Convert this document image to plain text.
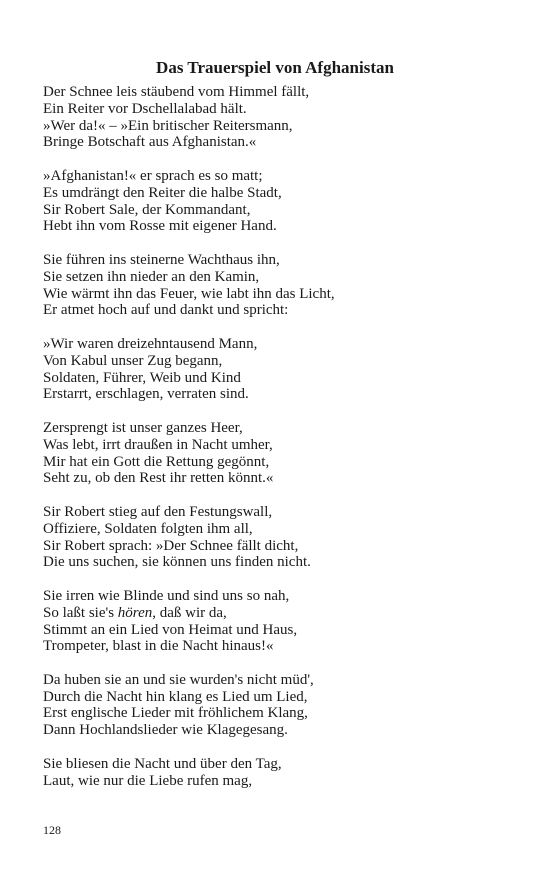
Das Trauerspiel von Afghanistan
Der Schnee leis stäubend vom Himmel fällt,
Ein Reiter vor Dschellalabad hält.
»Wer da!« – »Ein britischer Reitersmann,
Bringe Botschaft aus Afghanistan.«
»Afghanistan!« er sprach es so matt;
Es umdrängt den Reiter die halbe Stadt,
Sir Robert Sale, der Kommandant,
Hebt ihn vom Rosse mit eigener Hand.
Sie führen ins steinerne Wachthaus ihn,
Sie setzen ihn nieder an den Kamin,
Wie wärmt ihn das Feuer, wie labt ihn das Licht,
Er atmet hoch auf und dankt und spricht:
»Wir waren dreizehntausend Mann,
Von Kabul unser Zug begann,
Soldaten, Führer, Weib und Kind
Erstarrt, erschlagen, verraten sind.
Zersprengt ist unser ganzes Heer,
Was lebt, irrt draußen in Nacht umher,
Mir hat ein Gott die Rettung gegönnt,
Seht zu, ob den Rest ihr retten könnt.«
Sir Robert stieg auf den Festungswall,
Offiziere, Soldaten folgten ihm all,
Sir Robert sprach: »Der Schnee fällt dicht,
Die uns suchen, sie können uns finden nicht.
Sie irren wie Blinde und sind uns so nah,
So laßt sie's hören, daß wir da,
Stimmt an ein Lied von Heimat und Haus,
Trompeter, blast in die Nacht hinaus!«
Da huben sie an und sie wurden's nicht müd',
Durch die Nacht hin klang es Lied um Lied,
Erst englische Lieder mit fröhlichem Klang,
Dann Hochlandslieder wie Klagegesang.
Sie bliesen die Nacht und über den Tag,
Laut, wie nur die Liebe rufen mag,
128
